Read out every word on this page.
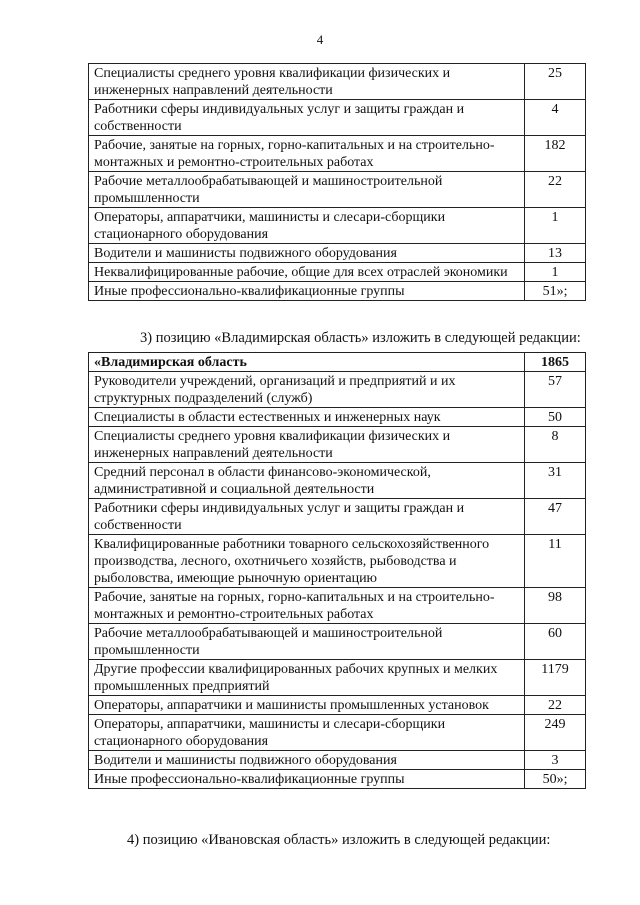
4
Специалисты среднего уровня квалификации физических и инженерных направлений деятельности	25
Работники сферы индивидуальных услуг и защиты граждан и собственности	4
Рабочие, занятые на горных, горно-капитальных и на строительно-монтажных и ремонтно-строительных работах	182
Рабочие металлообрабатывающей и машиностроительной промышленности	22
Операторы, аппаратчики, машинисты и слесари-сборщики стационарного оборудования	1
Водители и машинисты подвижного оборудования	13
Неквалифицированные рабочие, общие для всех отраслей экономики	1
Иные профессионально-квалификационные группы	51»;
3) позицию «Владимирская область» изложить в следующей редакции:
«Владимирская область	1865
Руководители учреждений, организаций и предприятий и их структурных подразделений (служб)	57
Специалисты в области естественных и инженерных наук	50
Специалисты среднего уровня квалификации физических и инженерных направлений деятельности	8
Средний персонал в области финансово-экономической, административной и социальной деятельности	31
Работники сферы индивидуальных услуг и защиты граждан и собственности	47
Квалифицированные работники товарного сельскохозяйственного производства, лесного, охотничьего хозяйств, рыбоводства и рыболовства, имеющие рыночную ориентацию	11
Рабочие, занятые на горных, горно-капитальных и на строительно-монтажных и ремонтно-строительных работах	98
Рабочие металлообрабатывающей и машиностроительной промышленности	60
Другие профессии квалифицированных рабочих крупных и мелких промышленных предприятий	1179
Операторы, аппаратчики и машинисты промышленных установок	22
Операторы, аппаратчики, машинисты и слесари-сборщики стационарного оборудования	249
Водители и машинисты подвижного оборудования	3
Иные профессионально-квалификационные группы	50»;
4) позицию «Ивановская область» изложить в следующей редакции:
